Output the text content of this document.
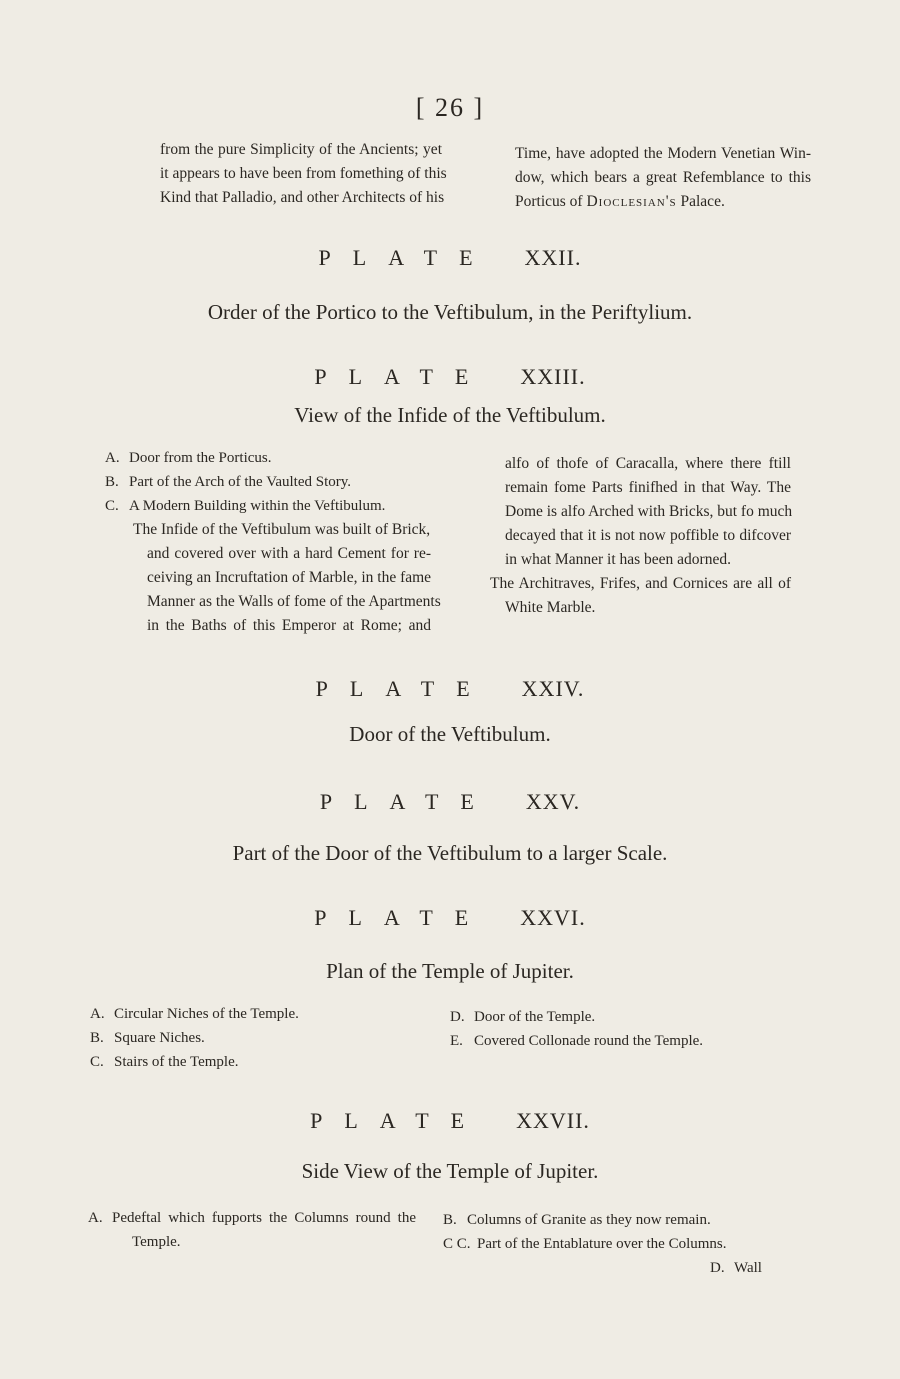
[ 26 ]
from the pure Simplicity of the Ancients; yet
it appears to have been from fomething of this
Kind that Palladio, and other Architects of his
Time, have adopted the Modern Venetian Win-
dow, which bears a great Refemblance to this
Porticus of Dioclesian's Palace.
PLATE XXII.
Order of the Portico to the Veftibulum, in the Periftylium.
PLATE XXIII.
View of the Infide of the Veftibulum.
A. Door from the Porticus.
B. Part of the Arch of the Vaulted Story.
C. A Modern Building within the Veftibulum.
The Infide of the Veftibulum was built of Brick,
and covered over with a hard Cement for re-
ceiving an Incruftation of Marble, in the fame
Manner as the Walls of fome of the Apartments
in the Baths of this Emperor at Rome; and
alfo of thofe of Caracalla, where there ftill
remain fome Parts finifhed in that Way. The
Dome is alfo Arched with Bricks, but fo much
decayed that it is not now poffible to difcover
in what Manner it has been adorned.
The Architraves, Frifes, and Cornices are all of
White Marble.
PLATE XXIV.
Door of the Veftibulum.
PLATE XXV.
Part of the Door of the Veftibulum to a larger Scale.
PLATE XXVI.
Plan of the Temple of Jupiter.
A. Circular Niches of the Temple.
B. Square Niches.
C. Stairs of the Temple.
D. Door of the Temple.
E. Covered Collonade round the Temple.
PLATE XXVII.
Side View of the Temple of Jupiter.
A. Pedeftal which fupports the Columns round the
Temple.
B. Columns of Granite as they now remain.
C C. Part of the Entablature over the Columns.
D. Wall
